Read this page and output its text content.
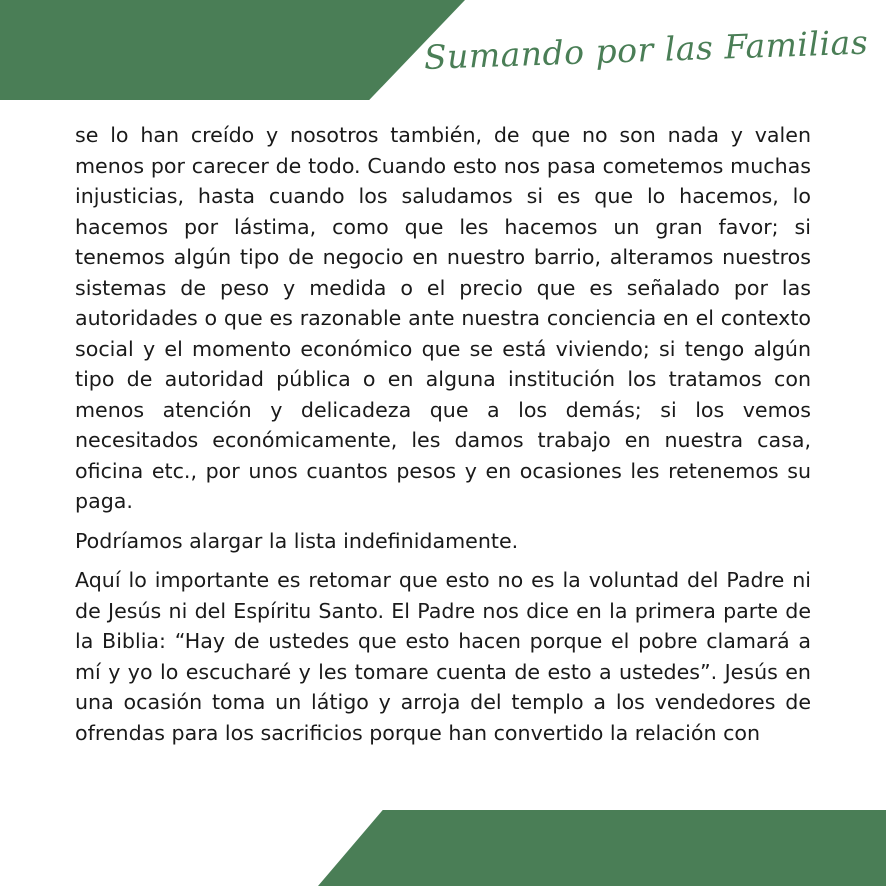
Sumando por las Familias

se lo han creído y nosotros también, de que no son nada y valen menos por carecer de todo. Cuando esto nos pasa cometemos muchas injusticias, hasta cuando los saludamos si es que lo hacemos, lo hacemos por lástima, como que les hacemos un gran favor; si tenemos algún tipo de negocio en nuestro barrio, alteramos nuestros sistemas de peso y medida o el precio que es señalado por las autoridades o que es razonable ante nuestra conciencia en el contexto social y el momento económico que se está viviendo; si tengo algún tipo de autoridad pública o en alguna institución los tratamos con menos atención y delicadeza que a los demás; si los vemos necesitados económicamente, les damos trabajo en nuestra casa, oficina etc., por unos cuantos pesos y en ocasiones les retenemos su paga.

Podríamos alargar la lista indefinidamente.

Aquí lo importante es retomar que esto no es la voluntad del Padre ni de Jesús ni del Espíritu Santo. El Padre nos dice en la primera parte de la Biblia: “Hay de ustedes que esto hacen porque el pobre clamará a mí y yo lo escucharé y les tomare cuenta de esto a ustedes”. Jesús en una ocasión toma un látigo y arroja del templo a los vendedores de ofrendas para los sacrificios porque han convertido la relación con
